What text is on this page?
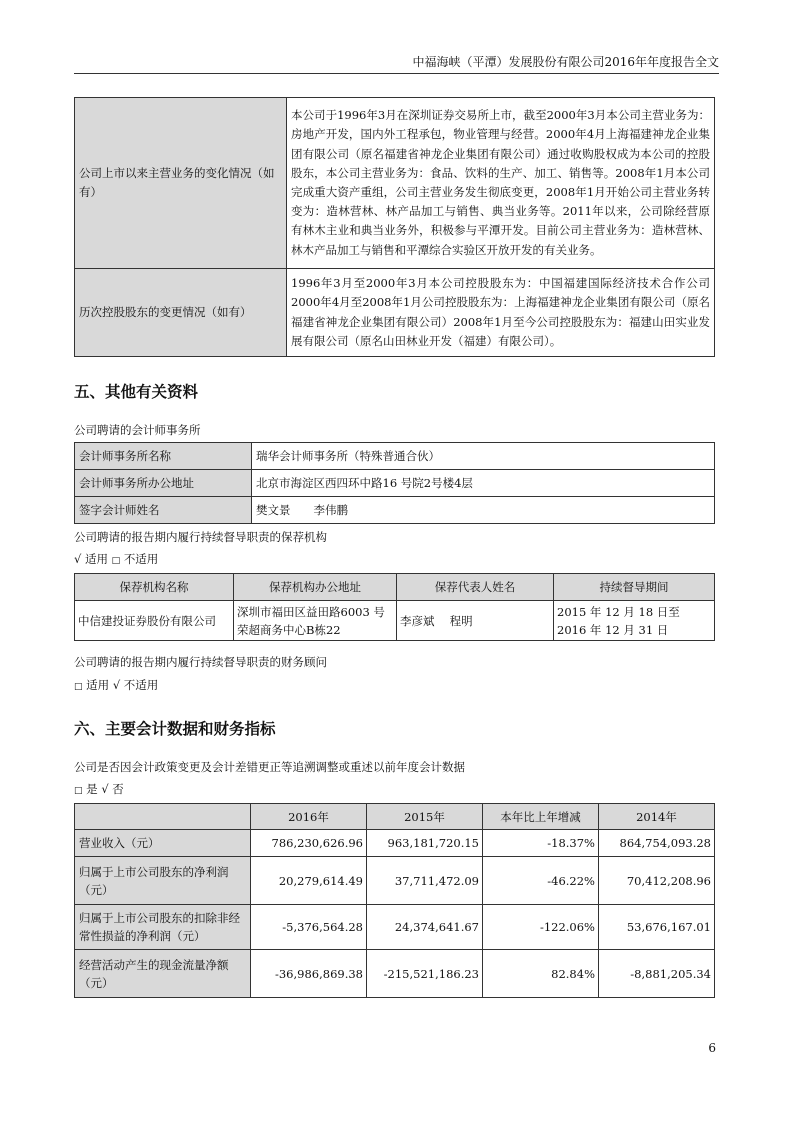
中福海峡（平潭）发展股份有限公司2016年年度报告全文
公司上市以来主营业务的变化情况（如有）	本公司于1996年3月在深圳证券交易所上市，截至2000年3月本公司主营业务为：房地产开发，国内外工程承包，物业管理与经营。2000年4月上海福建神龙企业集团有限公司（原名福建省神龙企业集团有限公司）通过收购股权成为本公司的控股股东，本公司主营业务为：食品、饮料的生产、加工、销售等。2008年1月本公司完成重大资产重组，公司主营业务发生彻底变更，2008年1月开始公司主营业务转变为：造林营林、林产品加工与销售、典当业务等。2011年以来，公司除经营原有林木主业和典当业务外，积极参与平潭开发。目前公司主营业务为：造林营林、林木产品加工与销售和平潭综合实验区开放开发的有关业务。
历次控股股东的变更情况（如有）	1996年3月至2000年3月本公司控股股东为：中国福建国际经济技术合作公司2000年4月至2008年1月公司控股股东为：上海福建神龙企业集团有限公司（原名福建省神龙企业集团有限公司）2008年1月至今公司控股股东为：福建山田实业发展有限公司（原名山田林业开发（福建）有限公司）。
五、其他有关资料
公司聘请的会计师事务所
会计师事务所名称	瑞华会计师事务所（特殊普通合伙）
会计师事务所办公地址	北京市海淀区西四环中路16 号院2号楼4层
签字会计师姓名	樊文景　　李伟鹏
公司聘请的报告期内履行持续督导职责的保荐机构
√ 适用 □ 不适用
保荐机构名称	保荐机构办公地址	保荐代表人姓名	持续督导期间
中信建投证券股份有限公司	深圳市福田区益田路6003 号荣超商务中心B栋22	李彦斌　 程明	2015 年 12 月 18 日至 2016 年 12 月 31 日
公司聘请的报告期内履行持续督导职责的财务顾问
□ 适用 √ 不适用
六、主要会计数据和财务指标
公司是否因会计政策变更及会计差错更正等追溯调整或重述以前年度会计数据
□ 是 √ 否
	2016年	2015年	本年比上年增减	2014年
营业收入（元）	786,230,626.96	963,181,720.15	-18.37%	864,754,093.28
归属于上市公司股东的净利润（元）	20,279,614.49	37,711,472.09	-46.22%	70,412,208.96
归属于上市公司股东的扣除非经常性损益的净利润（元）	-5,376,564.28	24,374,641.67	-122.06%	53,676,167.01
经营活动产生的现金流量净额（元）	-36,986,869.38	-215,521,186.23	82.84%	-8,881,205.34
6
